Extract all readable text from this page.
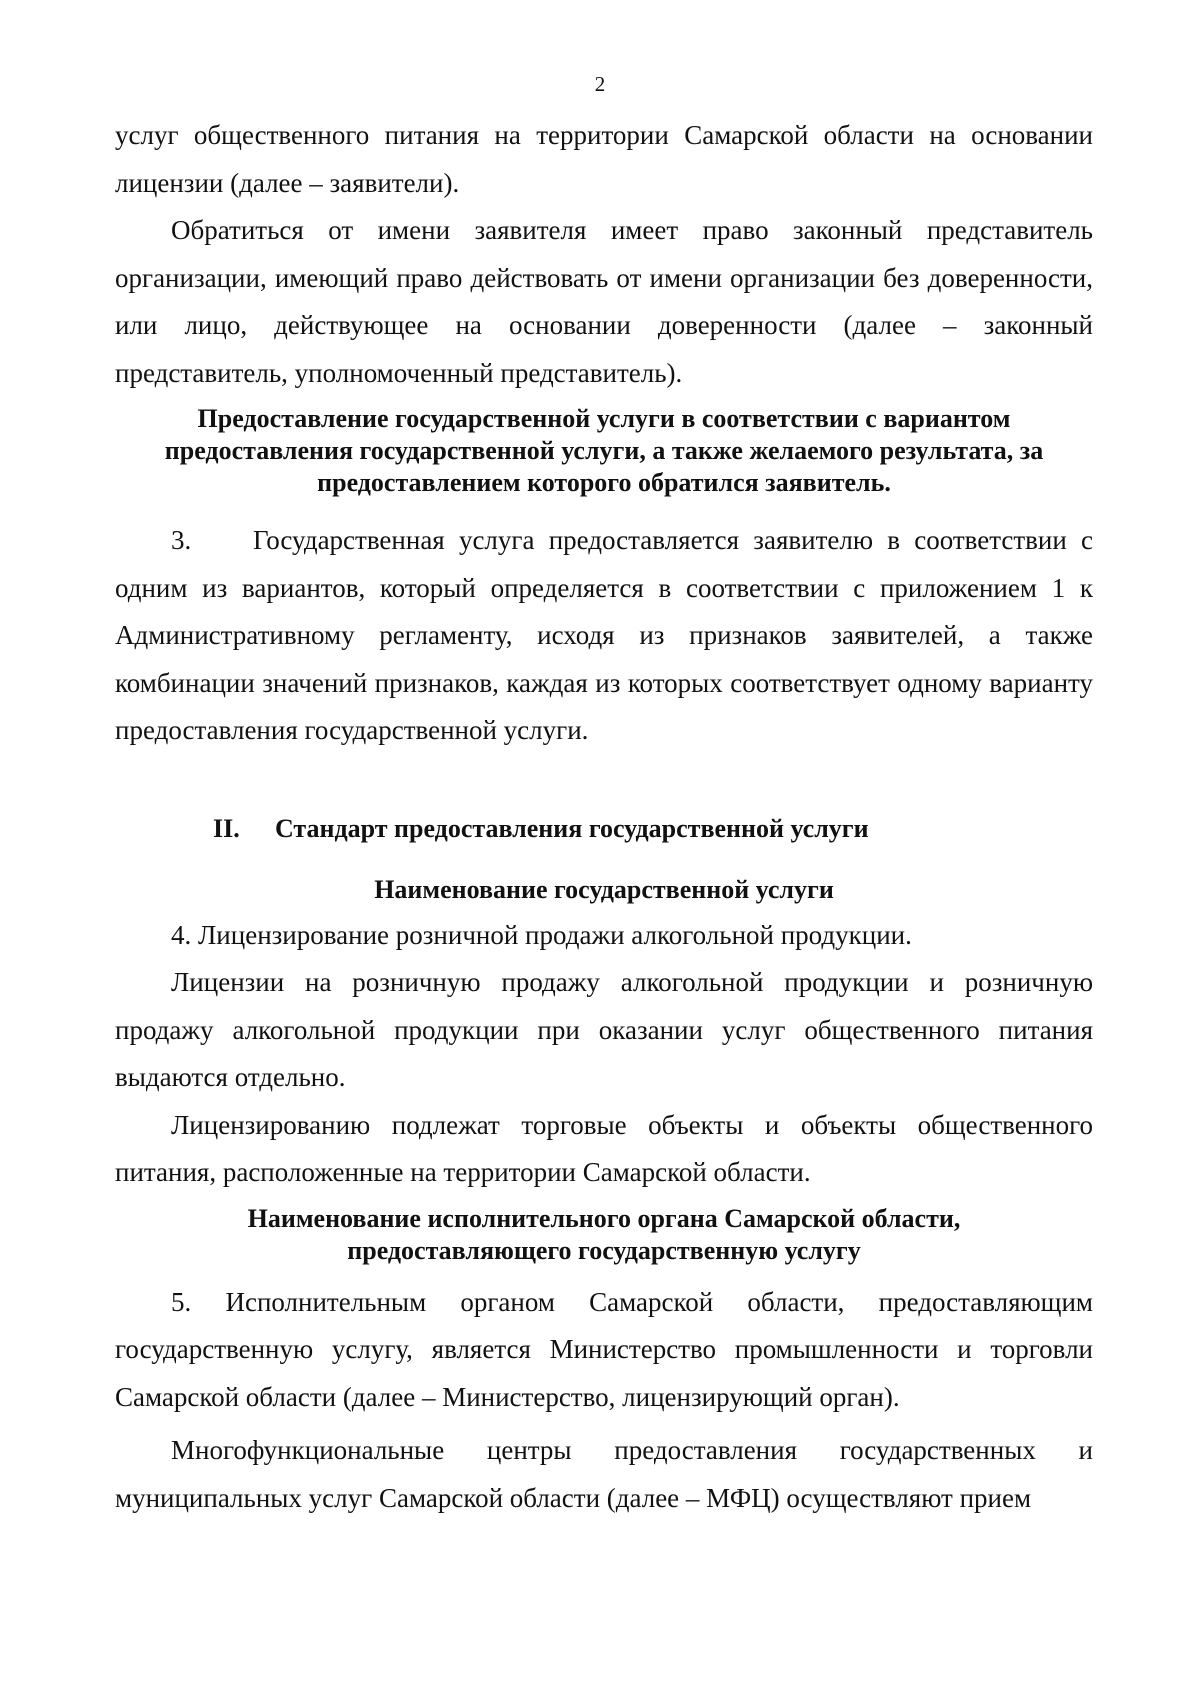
2

услуг общественного питания на территории Самарской области на основании лицензии (далее – заявители).

Обратиться от имени заявителя имеет право законный представитель организации, имеющий право действовать от имени организации без доверенности, или лицо, действующее на основании доверенности (далее – законный представитель, уполномоченный представитель).

Предоставление государственной услуги в соответствии с вариантом
предоставления государственной услуги, а также желаемого результата, за
предоставлением которого обратился заявитель.

3. Государственная услуга предоставляется заявителю в соответствии с одним из вариантов, который определяется в соответствии с приложением 1 к Административному регламенту, исходя из признаков заявителей, а также комбинации значений признаков, каждая из которых соответствует одному варианту предоставления государственной услуги.

II. Стандарт предоставления государственной услуги
Наименование государственной услуги

4. Лицензирование розничной продажи алкогольной продукции.

Лицензии на розничную продажу алкогольной продукции и розничную продажу алкогольной продукции при оказании услуг общественного питания выдаются отдельно.

Лицензированию подлежат торговые объекты и объекты общественного питания, расположенные на территории Самарской области.

Наименование исполнительного органа Самарской области,
предоставляющего государственную услугу

5. Исполнительным органом Самарской области, предоставляющим государственную услугу, является Министерство промышленности и торговли Самарской области (далее – Министерство, лицензирующий орган).

Многофункциональные центры предоставления государственных и муниципальных услуг Самарской области (далее – МФЦ) осуществляют прием
